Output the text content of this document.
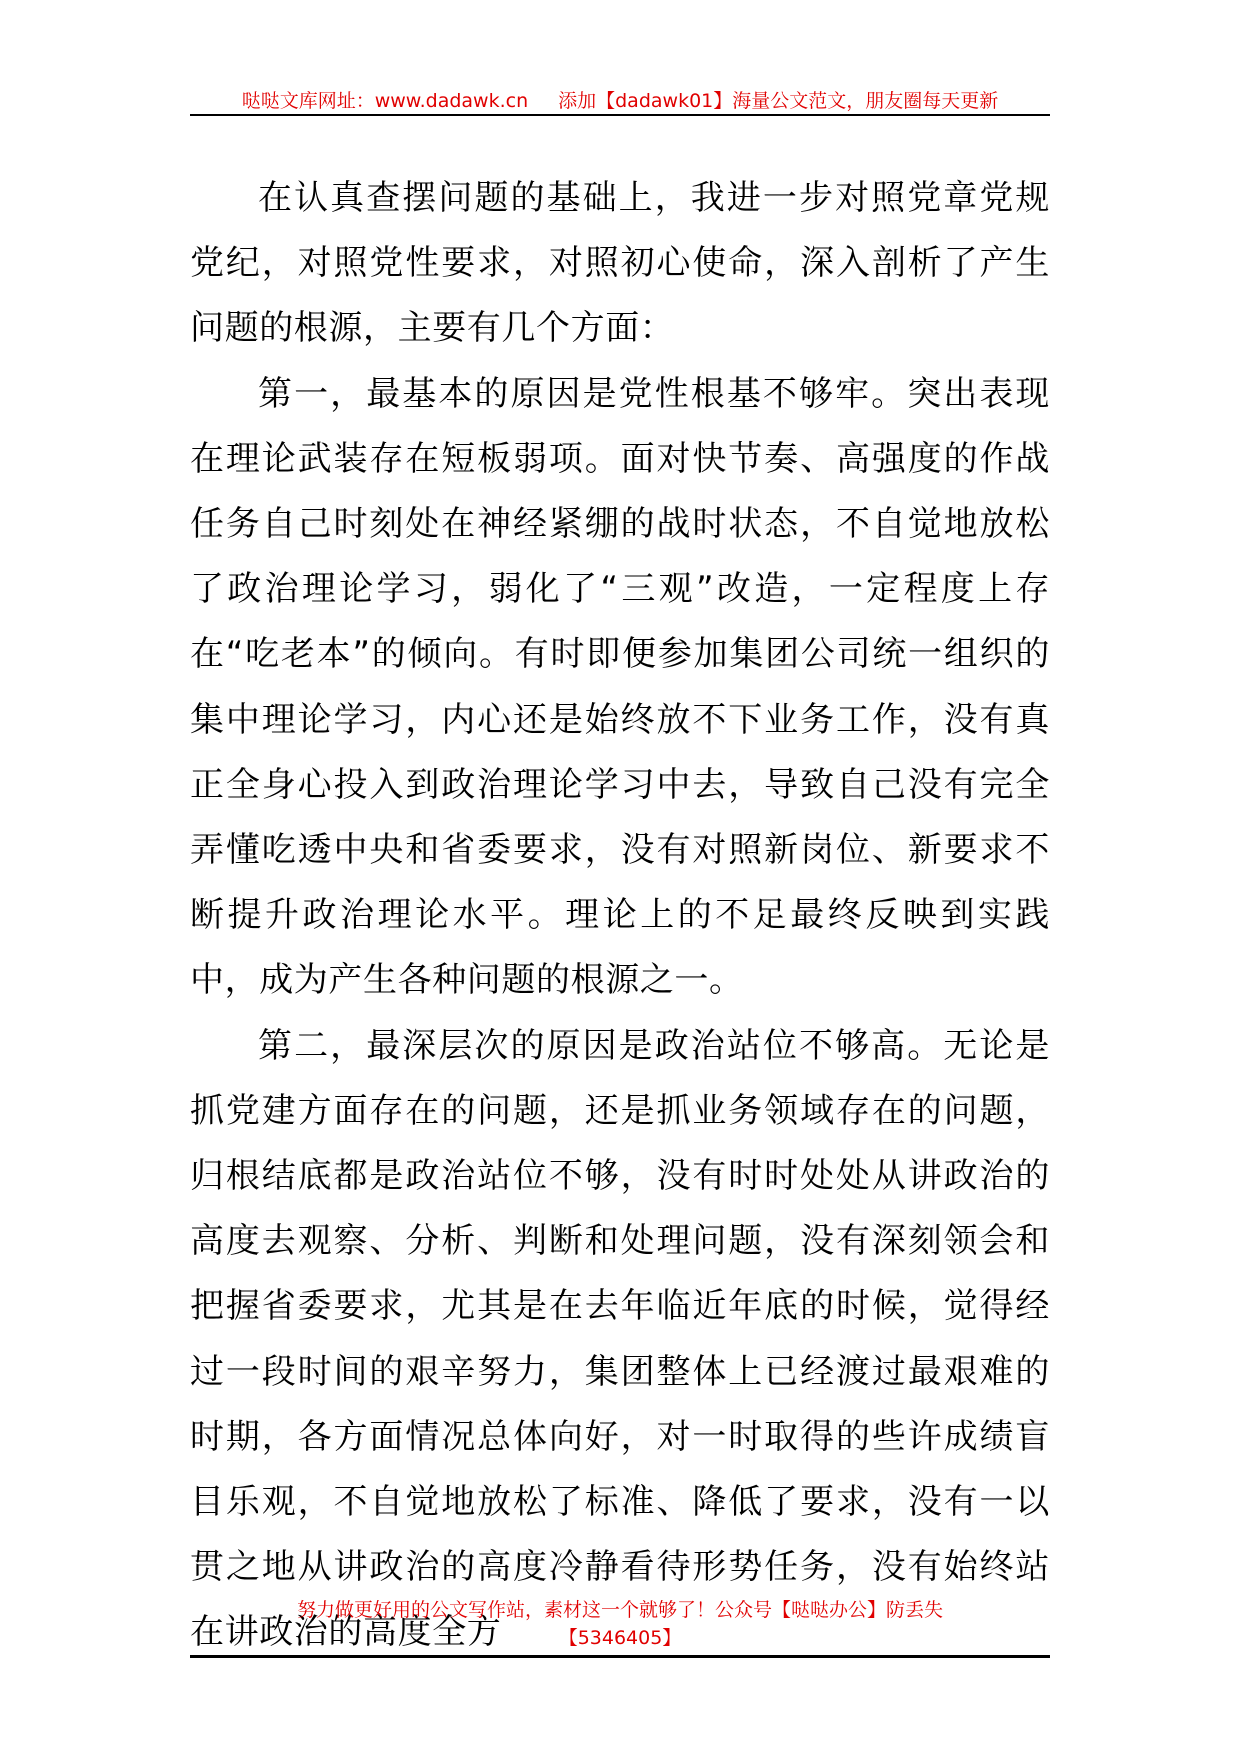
哒哒文库网址：www.dadawk.cn 添加【dadawk01】海量公文范文，朋友圈每天更新

在认真查摆问题的基础上，我进一步对照党章党规党纪，对照党性要求，对照初心使命，深入剖析了产生问题的根源，主要有几个方面：

第一，最基本的原因是党性根基不够牢。突出表现在理论武装存在短板弱项。面对快节奏、高强度的作战任务自己时刻处在神经紧绷的战时状态，不自觉地放松了政治理论学习，弱化了“三观”改造，一定程度上存在“吃老本”的倾向。有时即便参加集团公司统一组织的集中理论学习，内心还是始终放不下业务工作，没有真正全身心投入到政治理论学习中去，导致自己没有完全弄懂吃透中央和省委要求，没有对照新岗位、新要求不断提升政治理论水平。理论上的不足最终反映到实践中，成为产生各种问题的根源之一。

第二，最深层次的原因是政治站位不够高。无论是抓党建方面存在的问题，还是抓业务领域存在的问题，归根结底都是政治站位不够，没有时时处处从讲政治的高度去观察、分析、判断和处理问题，没有深刻领会和把握省委要求，尤其是在去年临近年底的时候，觉得经过一段时间的艰辛努力，集团整体上已经渡过最艰难的时期，各方面情况总体向好，对一时取得的些许成绩盲目乐观，不自觉地放松了标准、降低了要求，没有一以贯之地从讲政治的高度冷静看待形势任务，没有始终站在讲政治的高度全方

努力做更好用的公文写作站，素材这一个就够了！公众号【哒哒办公】防丢失
【5346405】
